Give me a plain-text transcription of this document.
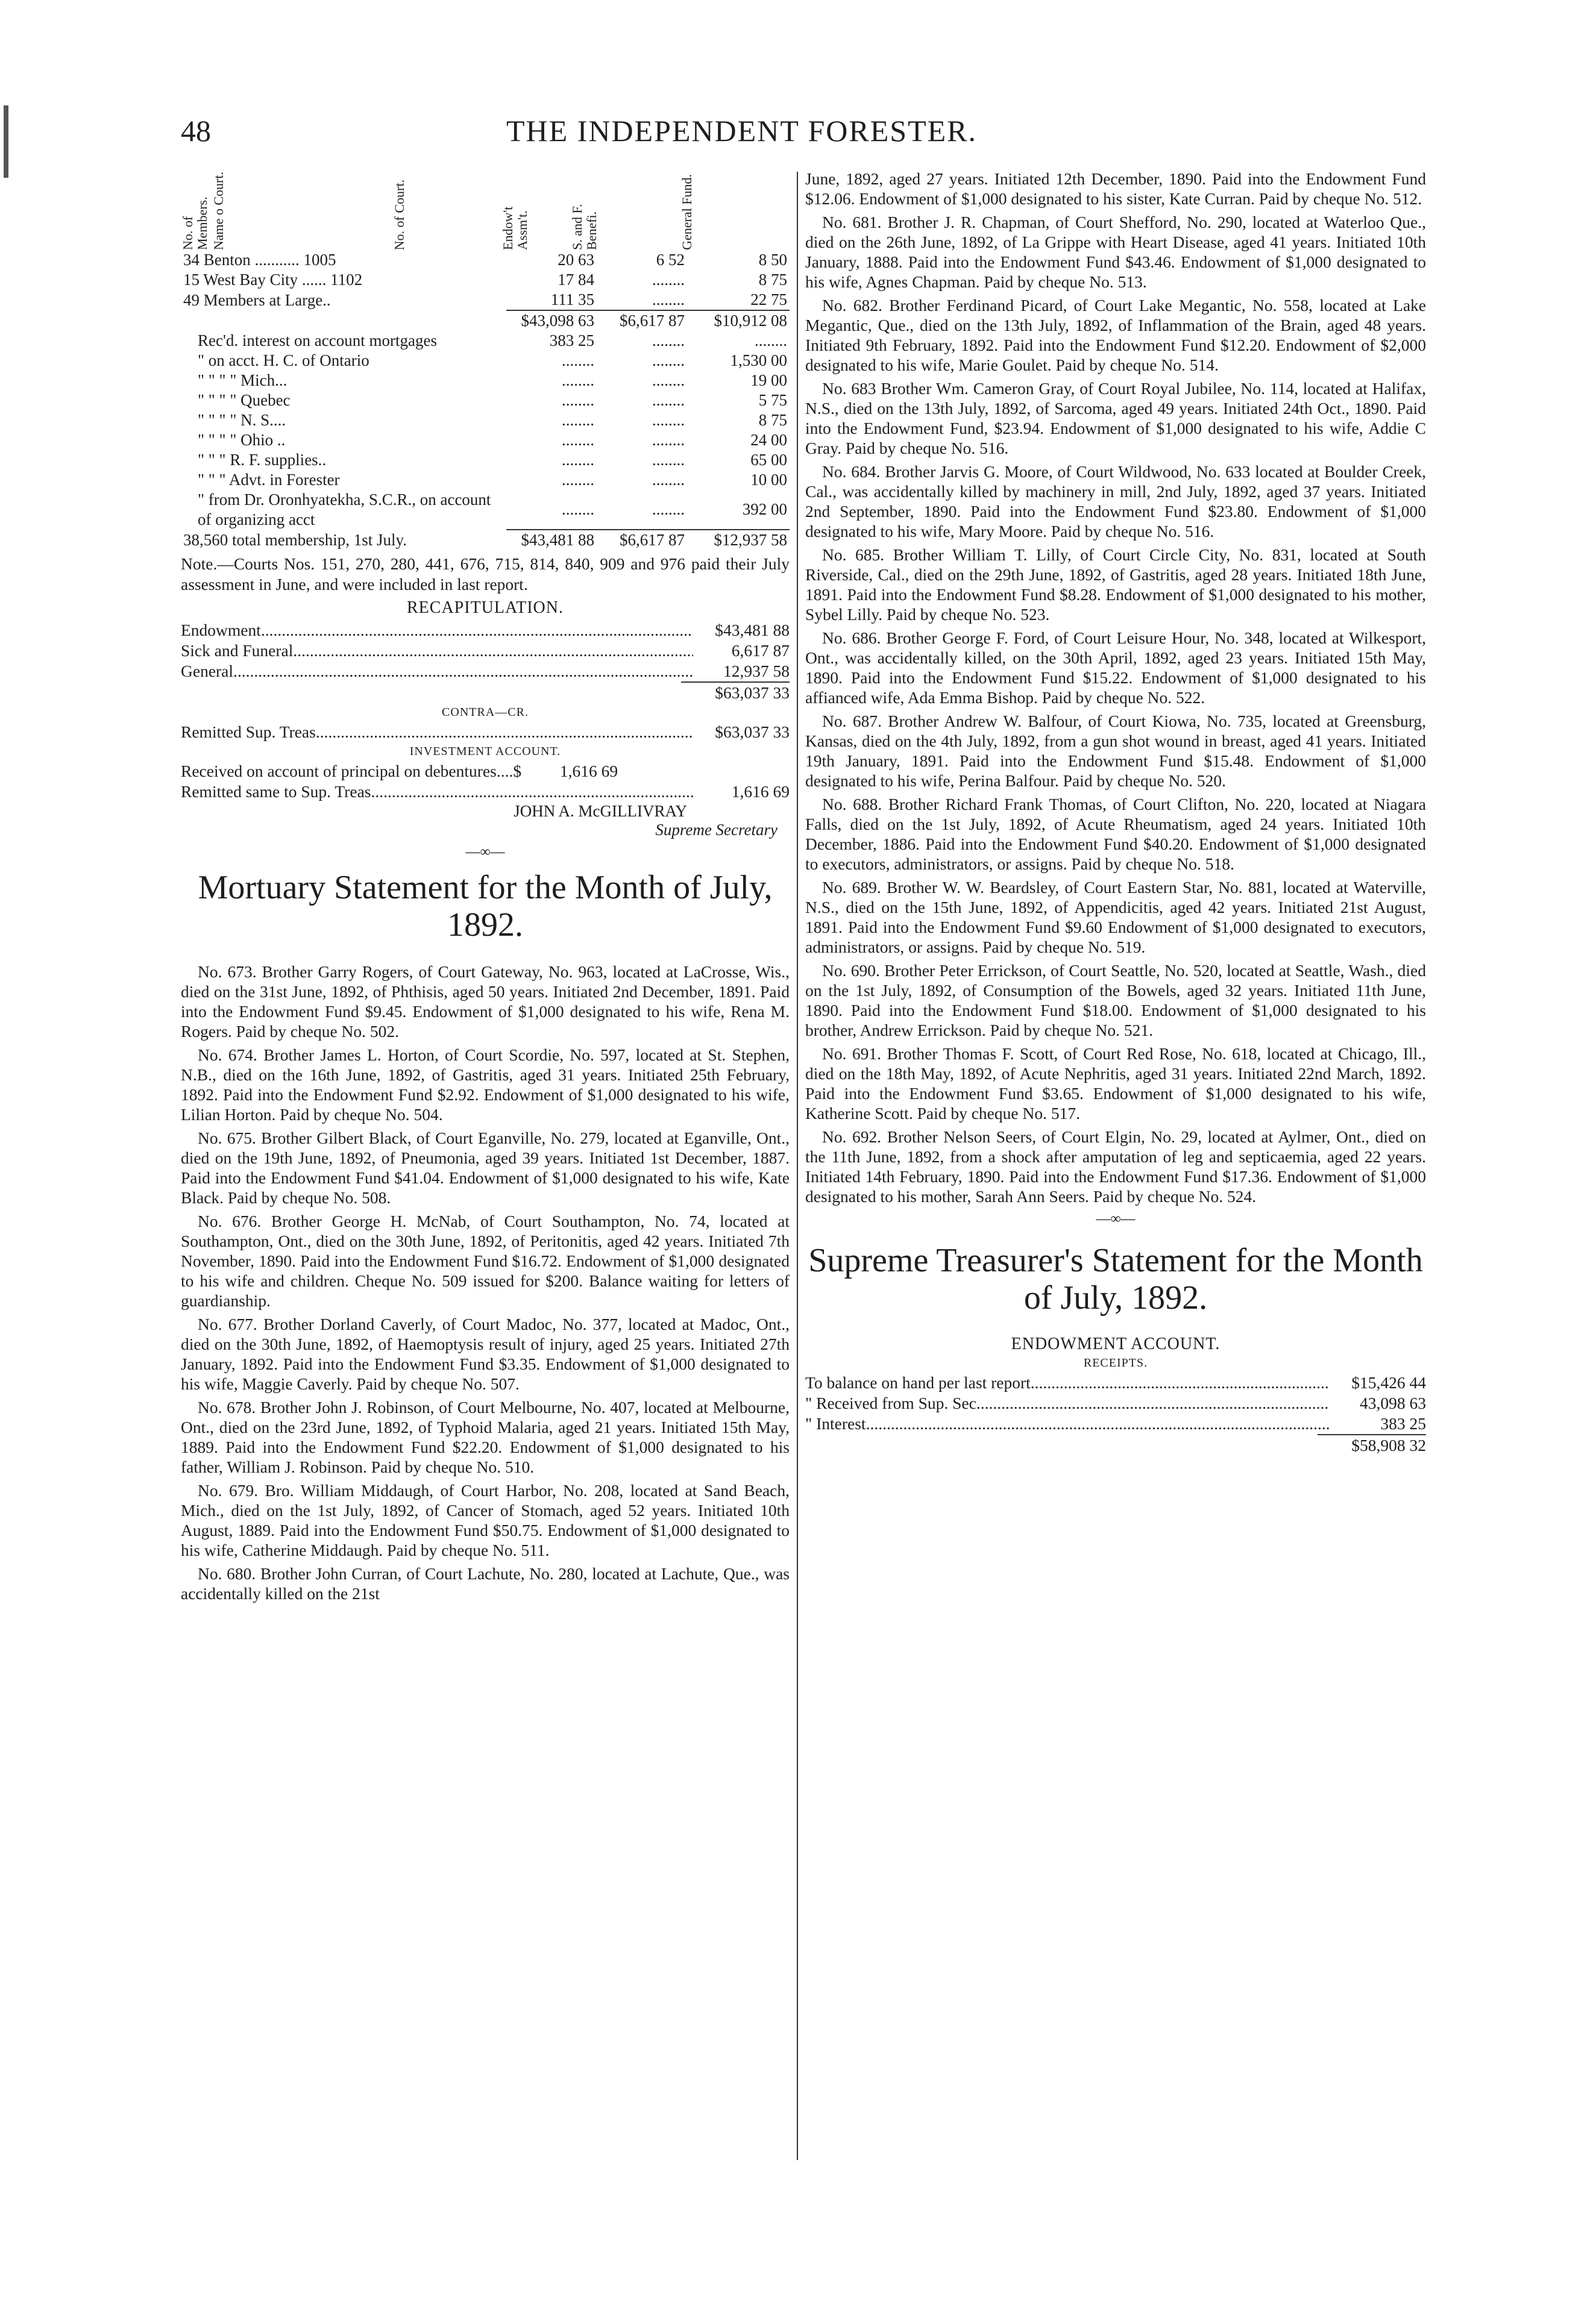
48	THE INDEPENDENT FORESTER.
No. of Members. Name o Court.	No. of Court.	Endow't Assm't.	S. and F. Benefi.	General Fund.
34 Benton ........... 1005	20 63	6 52	8 50
15 West Bay City ...... 1102	17 84	........	8 75
49 Members at Large..	111 35	........	22 75
	$43,098 63	$6,617 87	$10,912 08
Rec'd. interest on account mortgages	383 25	........	........
" on acct. H. C. of Ontario	........	........	1,530 00
" " " " Mich...	........	........	19 00
" " " " Quebec	........	........	5 75
" " " " N. S....	........	........	8 75
" " " " Ohio ..	........	........	24 00
" " " R. F. supplies..	........	........	65 00
" " " Advt. in Forester	........	........	10 00
" from Dr. Oronhyatekha, S.C.R., on account of organizing acct	........	........	392 00
38,560 total membership, 1st July.	$43,481 88	$6,617 87	$12,937 58

Note.—Courts Nos. 151, 270, 280, 441, 676, 715, 814, 840, 909 and 976 paid their July assessment in June, and were included in last report.

RECAPITULATION.
Endowment .....	$43,481 88
Sick and Funeral .....	6,617 87
General .....	12,937 58
$63,037 33
CONTRA—CR.
Remitted Sup. Treas .....	$63,037 33
INVESTMENT ACCOUNT.
Received on account of principal on debentures....$	1,616 69
Remitted same to Sup. Treas .....	1,616 69
JOHN A. McGILLIVRAY
Supreme Secretary
—∞—
Mortuary Statement for the Month of July, 1892.

No. 673. Brother Garry Rogers, of Court Gateway, No. 963, located at LaCrosse, Wis., died on the 31st June, 1892, of Phthisis, aged 50 years. Initiated 2nd December, 1891. Paid into the Endowment Fund $9.45. Endowment of $1,000 designated to his wife, Rena M. Rogers. Paid by cheque No. 502.

No. 674. Brother James L. Horton, of Court Scordie, No. 597, located at St. Stephen, N.B., died on the 16th June, 1892, of Gastritis, aged 31 years. Initiated 25th February, 1892. Paid into the Endowment Fund $2.92. Endowment of $1,000 designated to his wife, Lilian Horton. Paid by cheque No. 504.

No. 675. Brother Gilbert Black, of Court Eganville, No. 279, located at Eganville, Ont., died on the 19th June, 1892, of Pneumonia, aged 39 years. Initiated 1st December, 1887. Paid into the Endowment Fund $41.04. Endowment of $1,000 designated to his wife, Kate Black. Paid by cheque No. 508.

No. 676. Brother George H. McNab, of Court Southampton, No. 74, located at Southampton, Ont., died on the 30th June, 1892, of Peritonitis, aged 42 years. Initiated 7th November, 1890. Paid into the Endowment Fund $16.72. Endowment of $1,000 designated to his wife and children. Cheque No. 509 issued for $200. Balance waiting for letters of guardianship.

No. 677. Brother Dorland Caverly, of Court Madoc, No. 377, located at Madoc, Ont., died on the 30th June, 1892, of Haemoptysis result of injury, aged 25 years. Initiated 27th January, 1892. Paid into the Endowment Fund $3.35. Endowment of $1,000 designated to his wife, Maggie Caverly. Paid by cheque No. 507.

No. 678. Brother John J. Robinson, of Court Melbourne, No. 407, located at Melbourne, Ont., died on the 23rd June, 1892, of Typhoid Malaria, aged 21 years. Initiated 15th May, 1889. Paid into the Endowment Fund $22.20. Endowment of $1,000 designated to his father, William J. Robinson. Paid by cheque No. 510.

No. 679. Bro. William Middaugh, of Court Harbor, No. 208, located at Sand Beach, Mich., died on the 1st July, 1892, of Cancer of Stomach, aged 52 years. Initiated 10th August, 1889. Paid into the Endowment Fund $50.75. Endowment of $1,000 designated to his wife, Catherine Middaugh. Paid by cheque No. 511.

No. 680. Brother John Curran, of Court Lachute, No. 280, located at Lachute, Que., was accidentally killed on the 21st

June, 1892, aged 27 years. Initiated 12th December, 1890. Paid into the Endowment Fund $12.06. Endowment of $1,000 designated to his sister, Kate Curran. Paid by cheque No. 512.

No. 681. Brother J. R. Chapman, of Court Shefford, No. 290, located at Waterloo Que., died on the 26th June, 1892, of La Grippe with Heart Disease, aged 41 years. Initiated 10th January, 1888. Paid into the Endowment Fund $43.46. Endowment of $1,000 designated to his wife, Agnes Chapman. Paid by cheque No. 513.

No. 682. Brother Ferdinand Picard, of Court Lake Megantic, No. 558, located at Lake Megantic, Que., died on the 13th July, 1892, of Inflammation of the Brain, aged 48 years. Initiated 9th February, 1892. Paid into the Endowment Fund $12.20. Endowment of $2,000 designated to his wife, Marie Goulet. Paid by cheque No. 514.

No. 683 Brother Wm. Cameron Gray, of Court Royal Jubilee, No. 114, located at Halifax, N.S., died on the 13th July, 1892, of Sarcoma, aged 49 years. Initiated 24th Oct., 1890. Paid into the Endowment Fund, $23.94. Endowment of $1,000 designated to his wife, Addie C Gray. Paid by cheque No. 516.

No. 684. Brother Jarvis G. Moore, of Court Wildwood, No. 633 located at Boulder Creek, Cal., was accidentally killed by machinery in mill, 2nd July, 1892, aged 37 years. Initiated 2nd September, 1890. Paid into the Endowment Fund $23.80. Endowment of $1,000 designated to his wife, Mary Moore. Paid by cheque No. 516.

No. 685. Brother William T. Lilly, of Court Circle City, No. 831, located at South Riverside, Cal., died on the 29th June, 1892, of Gastritis, aged 28 years. Initiated 18th June, 1891. Paid into the Endowment Fund $8.28. Endowment of $1,000 designated to his mother, Sybel Lilly. Paid by cheque No. 523.

No. 686. Brother George F. Ford, of Court Leisure Hour, No. 348, located at Wilkesport, Ont., was accidentally killed, on the 30th April, 1892, aged 23 years. Initiated 15th May, 1890. Paid into the Endowment Fund $15.22. Endowment of $1,000 designated to his affianced wife, Ada Emma Bishop. Paid by cheque No. 522.

No. 687. Brother Andrew W. Balfour, of Court Kiowa, No. 735, located at Greensburg, Kansas, died on the 4th July, 1892, from a gun shot wound in breast, aged 41 years. Initiated 19th January, 1891. Paid into the Endowment Fund $15.48. Endowment of $1,000 designated to his wife, Perina Balfour. Paid by cheque No. 520.

No. 688. Brother Richard Frank Thomas, of Court Clifton, No. 220, located at Niagara Falls, died on the 1st July, 1892, of Acute Rheumatism, aged 24 years. Initiated 10th December, 1886. Paid into the Endowment Fund $40.20. Endowment of $1,000 designated to executors, administrators, or assigns. Paid by cheque No. 518.

No. 689. Brother W. W. Beardsley, of Court Eastern Star, No. 881, located at Waterville, N.S., died on the 15th June, 1892, of Appendicitis, aged 42 years. Initiated 21st August, 1891. Paid into the Endowment Fund $9.60 Endowment of $1,000 designated to executors, administrators, or assigns. Paid by cheque No. 519.

No. 690. Brother Peter Errickson, of Court Seattle, No. 520, located at Seattle, Wash., died on the 1st July, 1892, of Consumption of the Bowels, aged 32 years. Initiated 11th June, 1890. Paid into the Endowment Fund $18.00. Endowment of $1,000 designated to his brother, Andrew Errickson. Paid by cheque No. 521.

No. 691. Brother Thomas F. Scott, of Court Red Rose, No. 618, located at Chicago, Ill., died on the 18th May, 1892, of Acute Nephritis, aged 31 years. Initiated 22nd March, 1892. Paid into the Endowment Fund $3.65. Endowment of $1,000 designated to his wife, Katherine Scott. Paid by cheque No. 517.

No. 692. Brother Nelson Seers, of Court Elgin, No. 29, located at Aylmer, Ont., died on the 11th June, 1892, from a shock after amputation of leg and septicaemia, aged 22 years. Initiated 14th February, 1890. Paid into the Endowment Fund $17.36. Endowment of $1,000 designated to his mother, Sarah Ann Seers. Paid by cheque No. 524.

—∞—
Supreme Treasurer's Statement for the Month of July, 1892.
ENDOWMENT ACCOUNT.
RECEIPTS.
To balance on hand per last report .....	$15,426 44
" Received from Sup. Sec .....	43,098 63
" Interest .....	383 25
$58,908 32
